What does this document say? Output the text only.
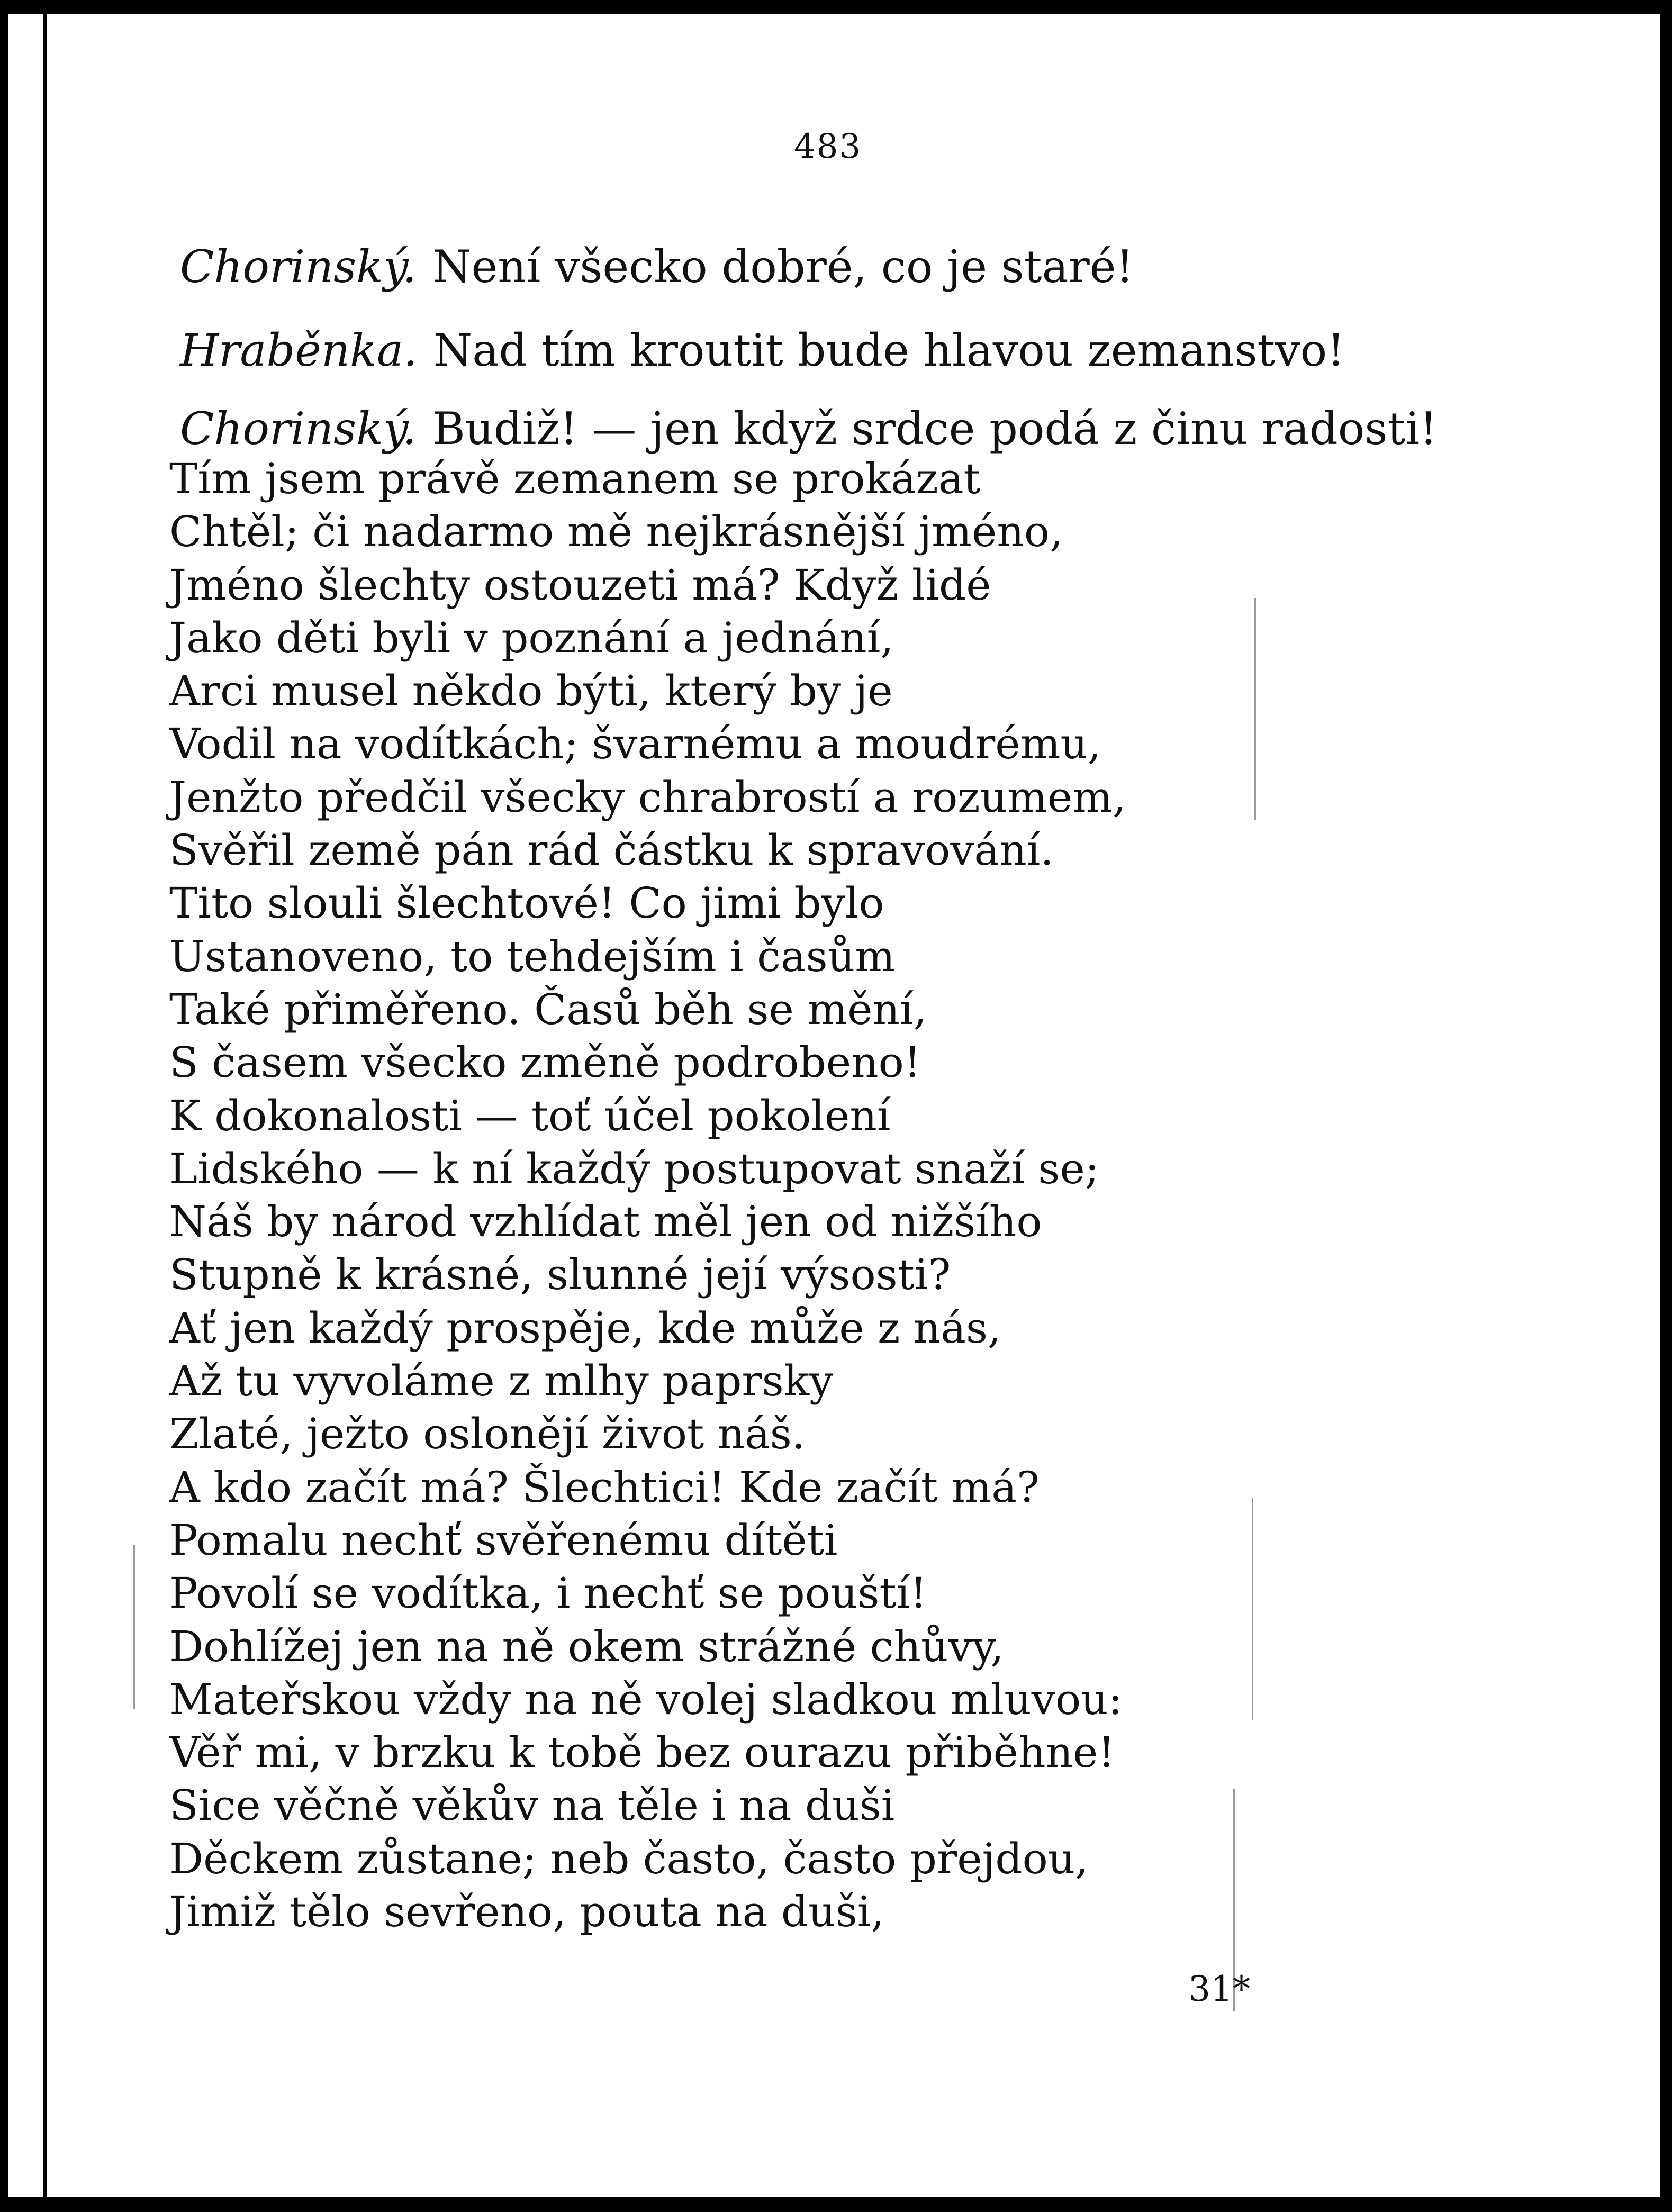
483
Chorinský. Není všecko dobré, co je staré!
Hraběnka. Nad tím kroutit bude hlavou zemanstvo!
Chorinský. Budiž! — jen když srdce podá z činu radosti!
Tím jsem právě zemanem se prokázat
Chtěl; či nadarmo mě nejkrásnější jméno,
Jméno šlechty ostouzeti má? Když lidé
Jako děti byli v poznání a jednání,
Arci musel někdo býti, který by je
Vodil na vodítkách; švarnému a moudrému,
Jenžto předčil všecky chrabrostí a rozumem,
Svěřil země pán rád částku k spravování.
Tito slouli šlechtové! Co jimi bylo
Ustanoveno, to tehdejším i časům
Také přiměřeno. Časů běh se mění,
S časem všecko změně podrobeno!
K dokonalosti — toť účel pokolení
Lidského — k ní každý postupovat snaží se;
Náš by národ vzhlídat měl jen od nižšího
Stupně k krásné, slunné její výsosti?
Ať jen každý prospěje, kde může z nás,
Až tu vyvoláme z mlhy paprsky
Zlaté, ježto oslonějí život náš.
A kdo začít má? Šlechtici! Kde začít má?
Pomalu nechť svěřenému dítěti
Povolí se vodítka, i nechť se pouští!
Dohlížej jen na ně okem strážné chůvy,
Mateřskou vždy na ně volej sladkou mluvou:
Věř mi, v brzku k tobě bez ourazu přiběhne!
Sice věčně věkův na těle i na duši
Děckem zůstane; neb často, často přejdou,
Jimiž tělo sevřeno, pouta na duši,
31*
